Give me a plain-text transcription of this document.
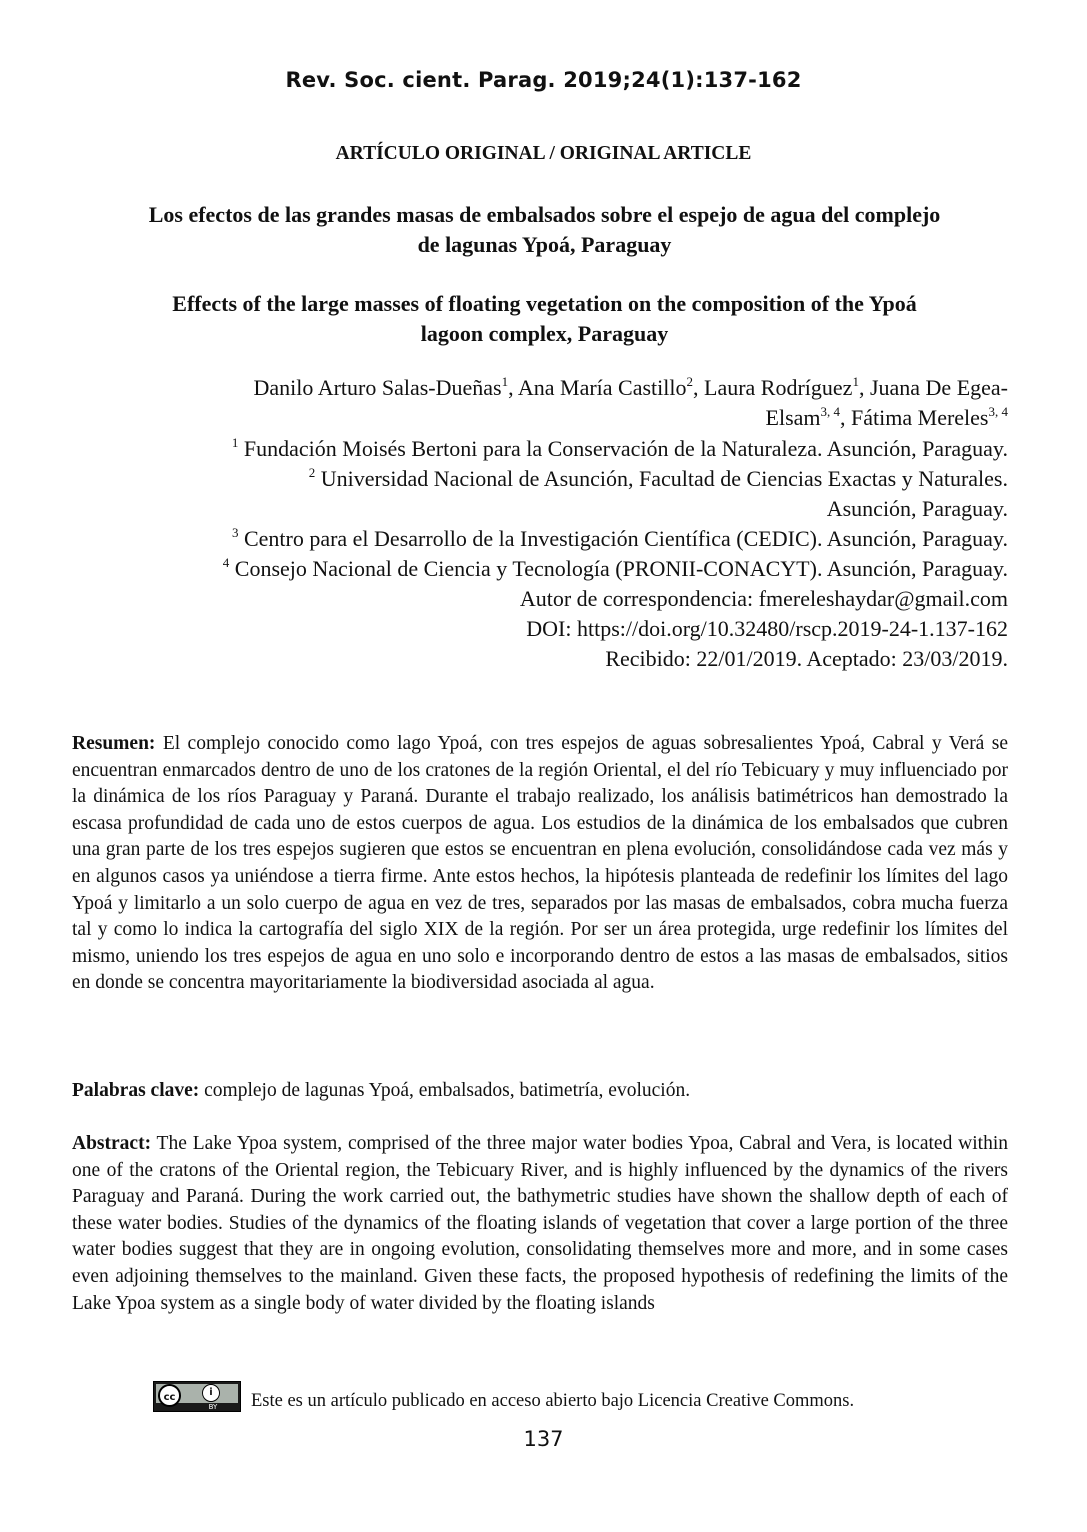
Rev. Soc. cient. Parag. 2019;24(1):137-162
ARTÍCULO ORIGINAL / ORIGINAL ARTICLE
Los efectos de las grandes masas de embalsados sobre el espejo de agua del complejo
de lagunas Ypoá, Paraguay
Effects of the large masses of floating vegetation on the composition of the Ypoá
lagoon complex, Paraguay
Danilo Arturo Salas-Dueñas$^1$, Ana María Castillo$^2$, Laura Rodríguez$^1$, Juana De Egea-
Elsam$^{3, 4}$, Fátima Mereles$^{3, 4}$
$^1$ Fundación Moisés Bertoni para la Conservación de la Naturaleza. Asunción, Paraguay.
$^2$ Universidad Nacional de Asunción, Facultad de Ciencias Exactas y Naturales.
Asunción, Paraguay.
$^3$ Centro para el Desarrollo de la Investigación Científica (CEDIC). Asunción, Paraguay.
$^4$ Consejo Nacional de Ciencia y Tecnología (PRONII-CONACYT). Asunción, Paraguay.
Autor de correspondencia: fmereleshaydar@gmail.com
DOI: https://doi.org/10.32480/rscp.2019-24-1.137-162
Recibido: 22/01/2019. Aceptado: 23/03/2019.

Resumen: El complejo conocido como lago Ypoá, con tres espejos de aguas sobresalientes Ypoá, Cabral y Verá se encuentran enmarcados dentro de uno de los cratones de la región Oriental, el del río Tebicuary y muy influenciado por la dinámica de los ríos Paraguay y Paraná. Durante el trabajo realizado, los análisis batimétricos han demostrado la escasa profundidad de cada uno de estos cuerpos de agua. Los estudios de la dinámica de los embalsados que cubren una gran parte de los tres espejos sugieren que estos se encuentran en plena evolución, consolidándose cada vez más y en algunos casos ya uniéndose a tierra firme. Ante estos hechos, la hipótesis planteada de redefinir los límites del lago Ypoá y limitarlo a un solo cuerpo de agua en vez de tres, separados por las masas de embalsados, cobra mucha fuerza tal y como lo indica la cartografía del siglo XIX de la región. Por ser un área protegida, urge redefinir los límites del mismo, uniendo los tres espejos de agua en uno solo e incorporando dentro de estos a las masas de embalsados, sitios en donde se concentra mayoritariamente la biodiversidad asociada al agua.

Palabras clave: complejo de lagunas Ypoá, embalsados, batimetría, evolución.

Abstract: The Lake Ypoa system, comprised of the three major water bodies Ypoa, Cabral and Vera, is located within one of the cratons of the Oriental region, the Tebicuary River, and is highly influenced by the dynamics of the rivers Paraguay and Paraná. During the work carried out, the bathymetric studies have shown the shallow depth of each of these water bodies. Studies of the dynamics of the floating islands of vegetation that cover a large portion of the three water bodies suggest that they are in ongoing evolution, consolidating themselves more and more, and in some cases even adjoining themselves to the mainland. Given these facts, the proposed hypothesis of redefining the limits of the Lake Ypoa system as a single body of water divided by the floating islands

cc	i
BY Este es un artículo publicado en acceso abierto bajo Licencia Creative Commons.
137
